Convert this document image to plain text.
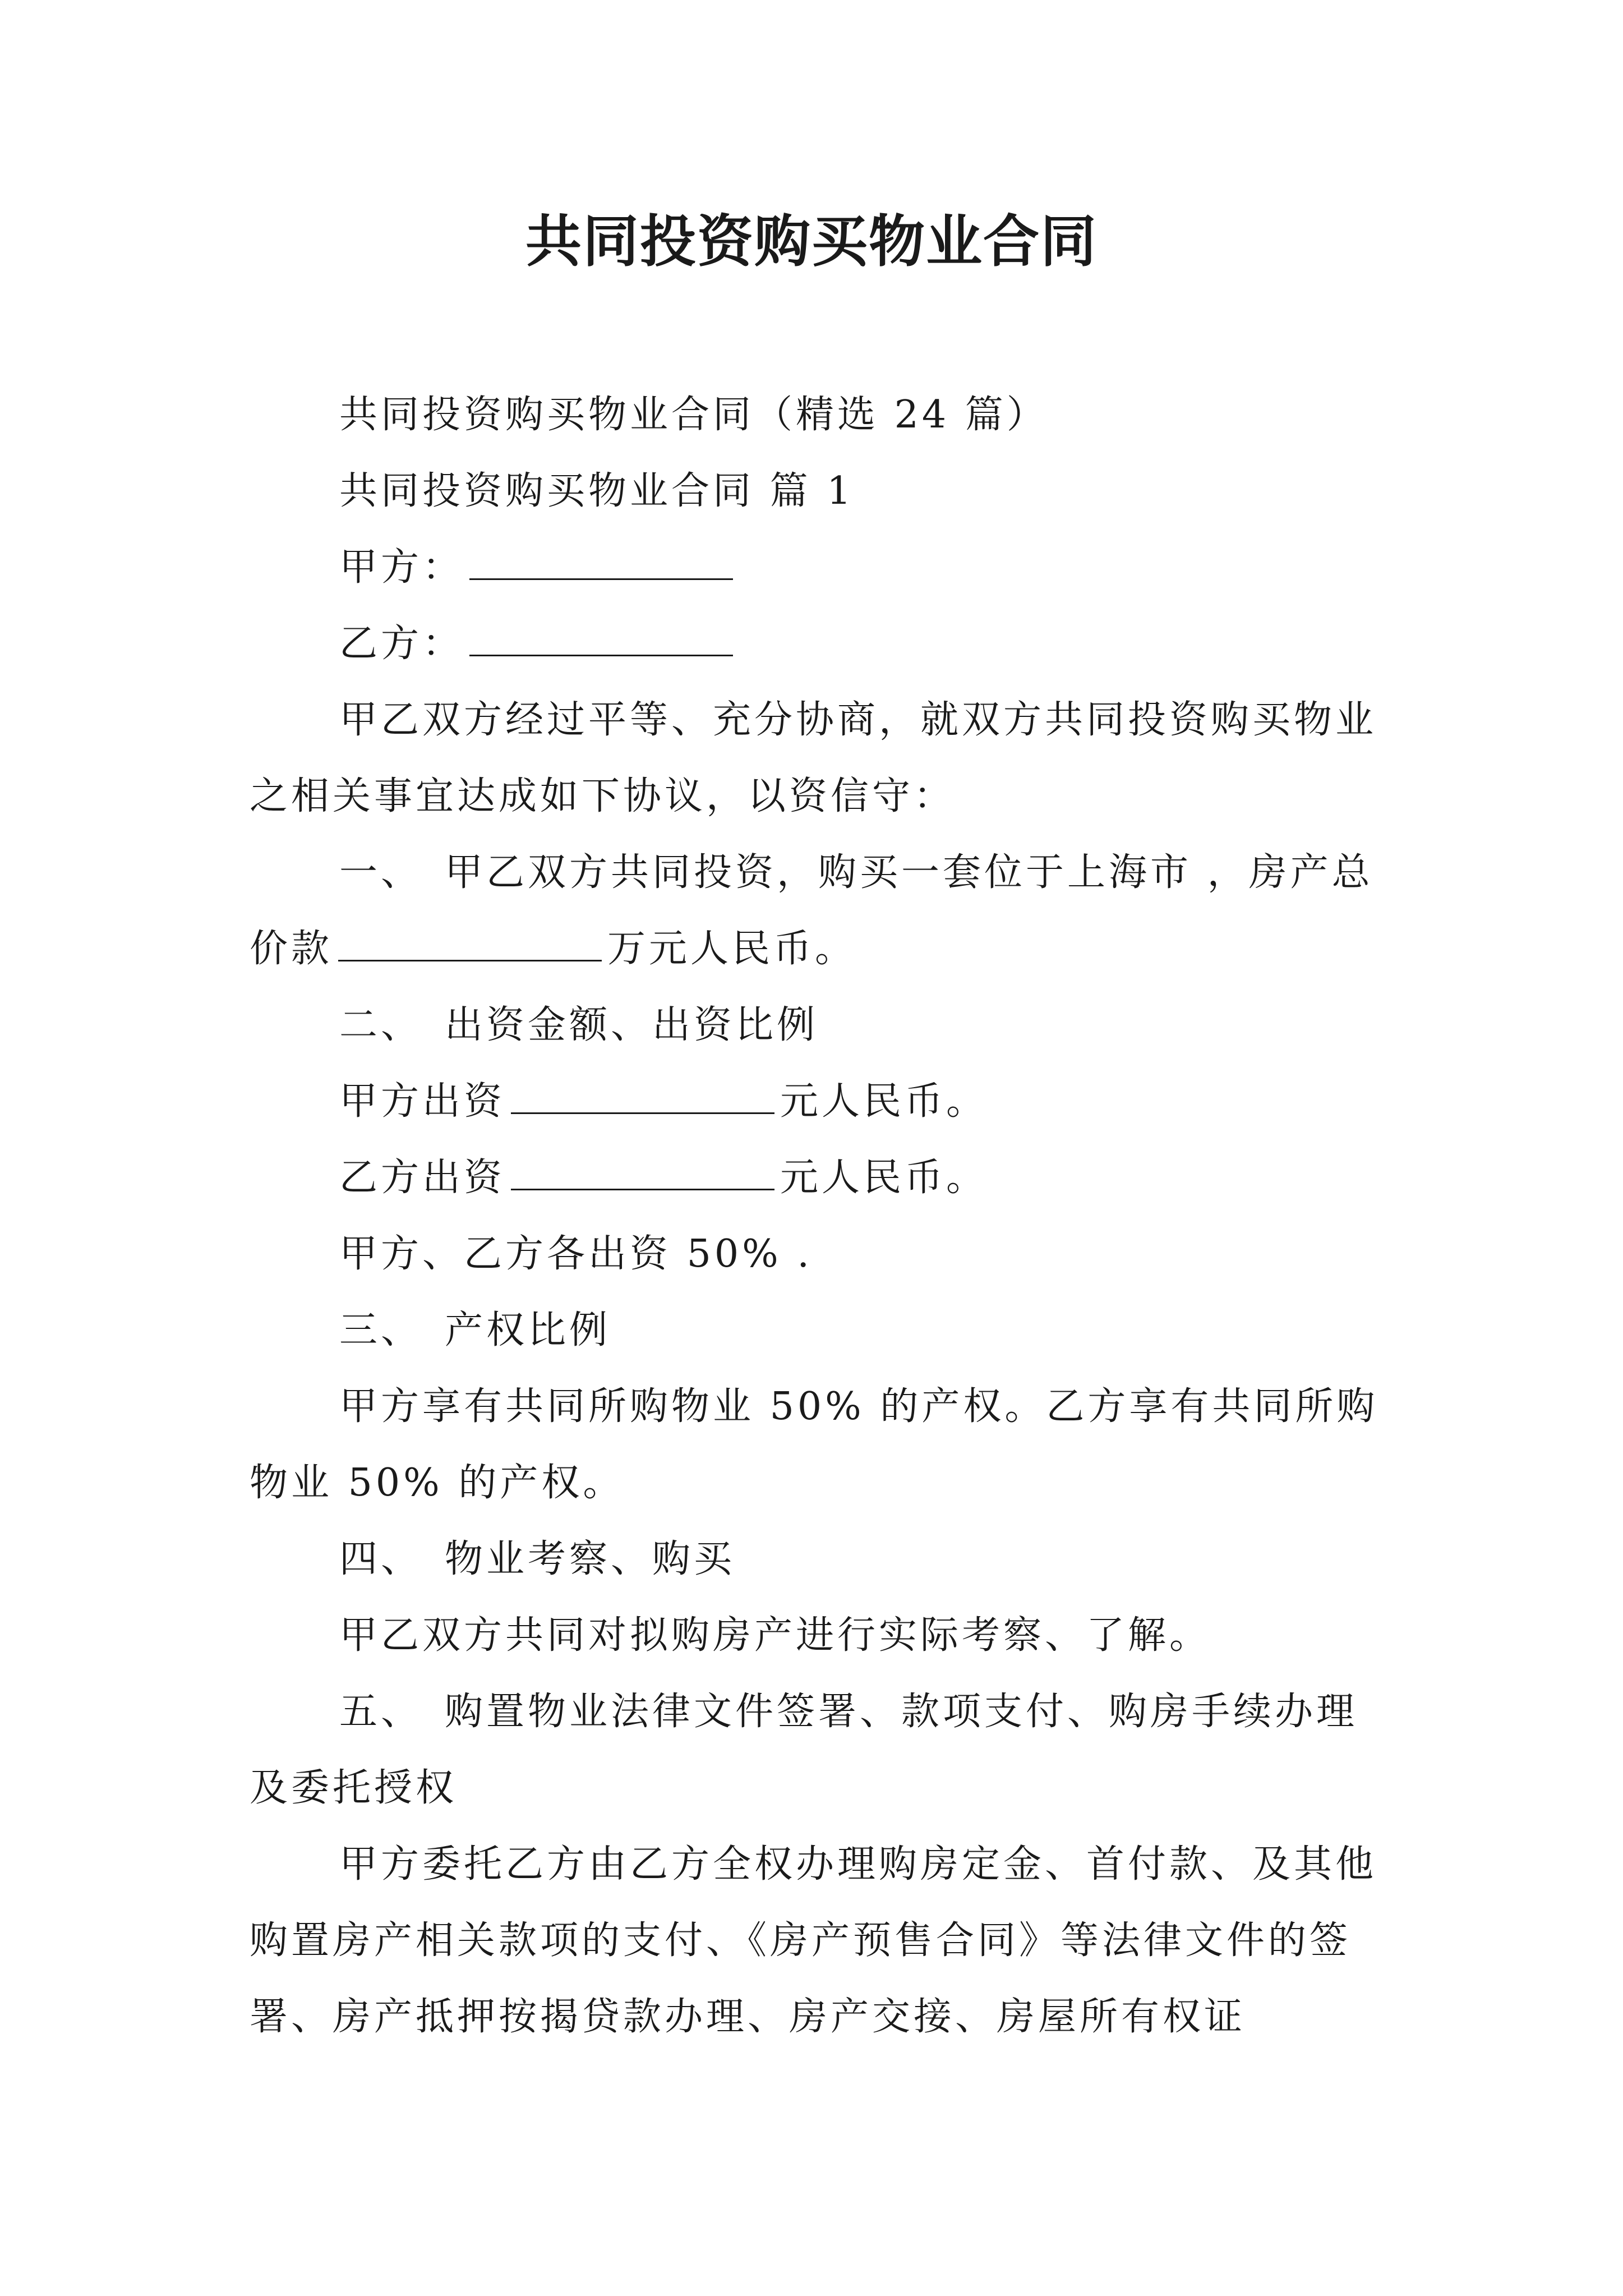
共同投资购买物业合同

共同投资购买物业合同（精选 24 篇）

共同投资购买物业合同 篇 1

甲方：

乙方：

甲乙双方经过平等、充分协商，就双方共同投资购买物业之相关事宜达成如下协议，以资信守：

一、 甲乙双方共同投资，购买一套位于上海市 ，房产总价款	万元人民币。

二、 出资金额、出资比例

甲方出资	元人民币。

乙方出资	元人民币。

甲方、乙方各出资 50% .

三、 产权比例

甲方享有共同所购物业 50% 的产权。乙方享有共同所购物业 50% 的产权。

四、 物业考察、购买

甲乙双方共同对拟购房产进行实际考察、了解。

五、 购置物业法律文件签署、款项支付、购房手续办理及委托授权

甲方委托乙方由乙方全权办理购房定金、首付款、及其他购置房产相关款项的支付、《房产预售合同》等法律文件的签署、房产抵押按揭贷款办理、房产交接、房屋所有权证
